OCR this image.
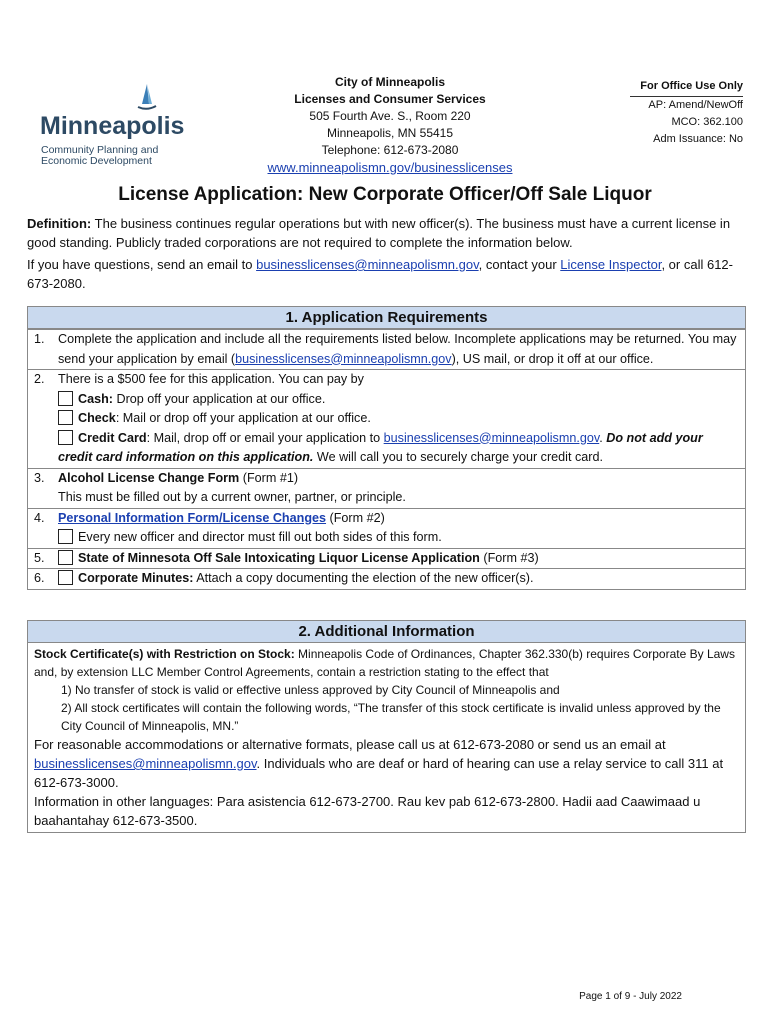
Minneapolis
Community Planning and
Economic Development
City of Minneapolis
Licenses and Consumer Services
505 Fourth Ave. S., Room 220
Minneapolis, MN 55415
Telephone: 612-673-2080
www.minneapolismn.gov/businesslicenses
For Office Use Only
AP: Amend/NewOff
MCO: 362.100
Adm Issuance: No
License Application: New Corporate Officer/Off Sale Liquor
Definition: The business continues regular operations but with new officer(s). The business must have a current license in good standing. Publicly traded corporations are not required to complete the information below.
If you have questions, send an email to businesslicenses@minneapolismn.gov, contact your License Inspector, or call 612-673-2080.
1. Application Requirements
1. Complete the application and include all the requirements listed below. Incomplete applications may be returned. You may send your application by email (businesslicenses@minneapolismn.gov), US mail, or drop it off at our office.
2. There is a $500 fee for this application. You can pay by
Cash: Drop off your application at our office.
Check: Mail or drop off your application at our office.
Credit Card: Mail, drop off or email your application to businesslicenses@minneapolismn.gov. Do not add your credit card information on this application. We will call you to securely charge your credit card.
3. Alcohol License Change Form (Form #1)
This must be filled out by a current owner, partner, or principle.
4. Personal Information Form/License Changes (Form #2)
Every new officer and director must fill out both sides of this form.
5.	State of Minnesota Off Sale Intoxicating Liquor License Application (Form #3)
6.	Corporate Minutes: Attach a copy documenting the election of the new officer(s).
2. Additional Information
Stock Certificate(s) with Restriction on Stock: Minneapolis Code of Ordinances, Chapter 362.330(b) requires Corporate By Laws and, by extension LLC Member Control Agreements, contain a restriction stating to the effect that
1) No transfer of stock is valid or effective unless approved by City Council of Minneapolis and
2) All stock certificates will contain the following words, “The transfer of this stock certificate is invalid unless approved by the City Council of Minneapolis, MN.”
For reasonable accommodations or alternative formats, please call us at 612-673-2080 or send us an email at businesslicenses@minneapolismn.gov. Individuals who are deaf or hard of hearing can use a relay service to call 311 at 612-673-3000.
Information in other languages: Para asistencia 612-673-2700. Rau kev pab 612-673-2800. Hadii aad Caawimaad u baahantahay 612-673-3500.
Page 1 of 9 - July 2022
